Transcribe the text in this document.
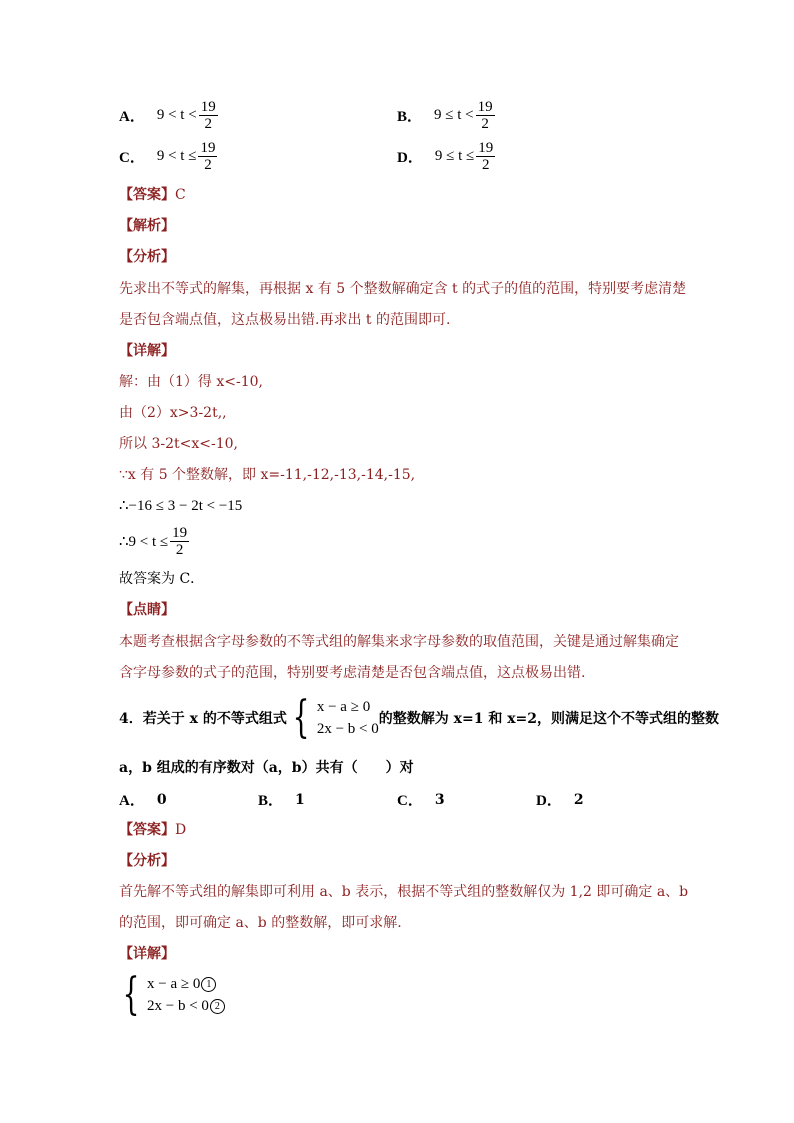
A． $9 < t < \frac{19}{2}$	B． $9 \le t < \frac{19}{2}$
C． $9 < t \le \frac{19}{2}$	D． $9 \le t \le \frac{19}{2}$
【答案】C
【解析】
【分析】
先求出不等式的解集，再根据 x 有 5 个整数解确定含 t 的式子的值的范围，特别要考虑清楚
是否包含端点值，这点极易出错.再求出 t 的范围即可.
【详解】
解：由（1）得 x<-10,
由（2）x>3-2t,,
所以 3-2t<x<-10,
∵x 有 5 个整数解，即 x=-11,-12,-13,-14,-15,
∴−16 ≤ 3 − 2t < −15
∴9 < $t \le \frac{19}{2}$
故答案为 C．
【点睛】
本题考查根据含字母参数的不等式组的解集来求字母参数的取值范围，关键是通过解集确定
含字母参数的式子的范围，特别要考虑清楚是否包含端点值，这点极易出错.
4．若关于 x 的不等式组式 { x − a ≥ 0
2x − b < 0
的整数解为 x=1 和 x=2，则满足这个不等式组的整数
a，b 组成的有序数对（a，b）共有（　　）对
A． 0	B． 1	C． 3	D． 2
【答案】D
【分析】
首先解不等式组的解集即可利用 a、b 表示，根据不等式组的整数解仅为 1,2 即可确定 a、b
的范围，即可确定 a、b 的整数解，即可求解.
【详解】
{ x − a ≥ 0 1
2x − b < 0 2
